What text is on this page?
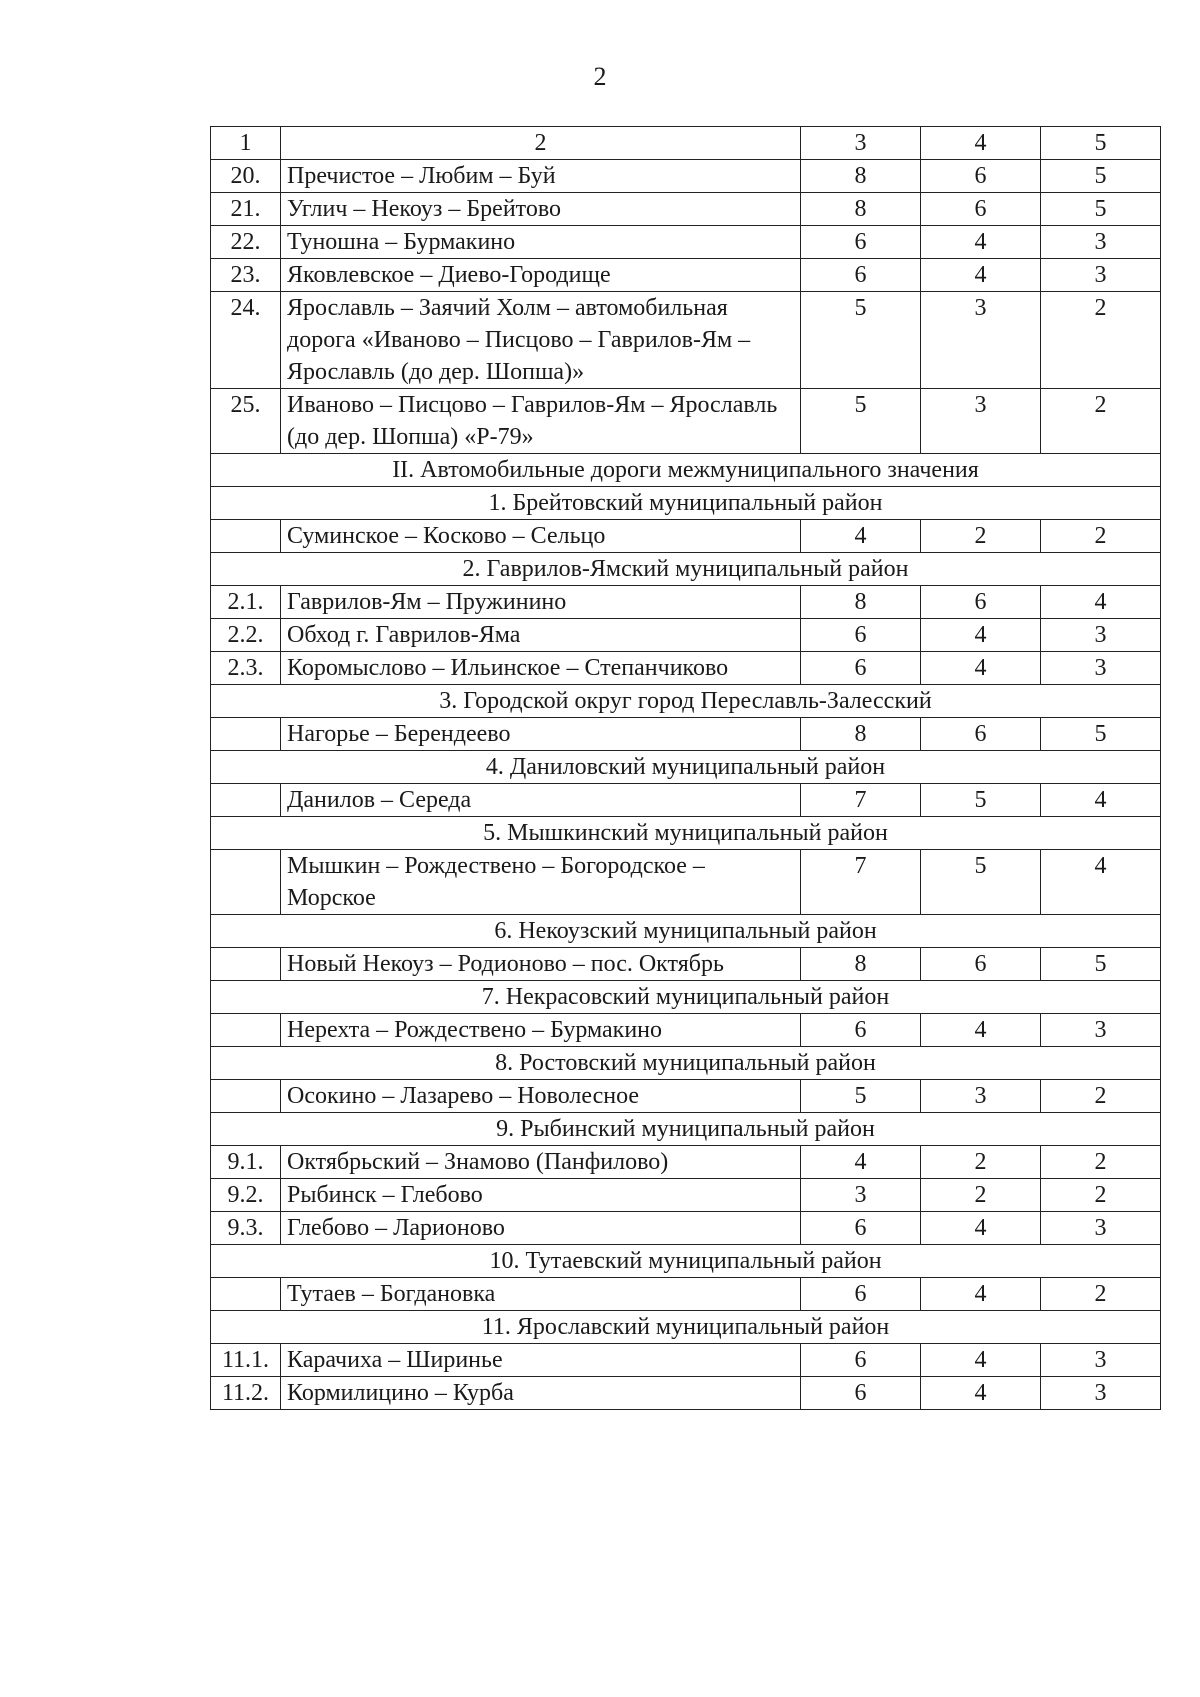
2
1	2	3	4	5
20.	Пречистое – Любим – Буй	8	6	5
21.	Углич – Некоуз – Брейтово	8	6	5
22.	Туношна – Бурмакино	6	4	3
23.	Яковлевское – Диево-Городище	6	4	3
24.	Ярославль – Заячий Холм – автомобильная дорога «Иваново – Писцово – Гаврилов-Ям – Ярославль (до дер. Шопша)»	5	3	2
25.	Иваново – Писцово – Гаврилов-Ям – Ярославль (до дер. Шопша) «Р-79»	5	3	2
II. Автомобильные дороги межмуниципального значения				
1. Брейтовский муниципальный район				
	Суминское – Косково – Сельцо	4	2	2
2. Гаврилов-Ямский муниципальный район				
2.1.	Гаврилов-Ям – Пружинино	8	6	4
2.2.	Обход г. Гаврилов-Яма	6	4	3
2.3.	Коромыслово – Ильинское – Степанчиково	6	4	3
3. Городской округ город Переславль-Залесский				
	Нагорье – Берендеево	8	6	5
4. Даниловский муниципальный район				
	Данилов – Середа	7	5	4
5. Мышкинский муниципальный район				
	Мышкин – Рождествено – Богородское – Морское	7	5	4
6. Некоузский муниципальный район				
	Новый Некоуз – Родионово – пос. Октябрь	8	6	5
7. Некрасовский муниципальный район				
	Нерехта – Рождествено – Бурмакино	6	4	3
8. Ростовский муниципальный район				
	Осокино – Лазарево – Новолесное	5	3	2
9. Рыбинский муниципальный район				
9.1.	Октябрьский – Знамово (Панфилово)	4	2	2
9.2.	Рыбинск – Глебово	3	2	2
9.3.	Глебово – Ларионово	6	4	3
10. Тутаевский муниципальный район				
	Тутаев – Богдановка	6	4	2
11. Ярославский муниципальный район				
11.1.	Карачиха – Ширинье	6	4	3
11.2.	Кормилицино – Курба	6	4	3
